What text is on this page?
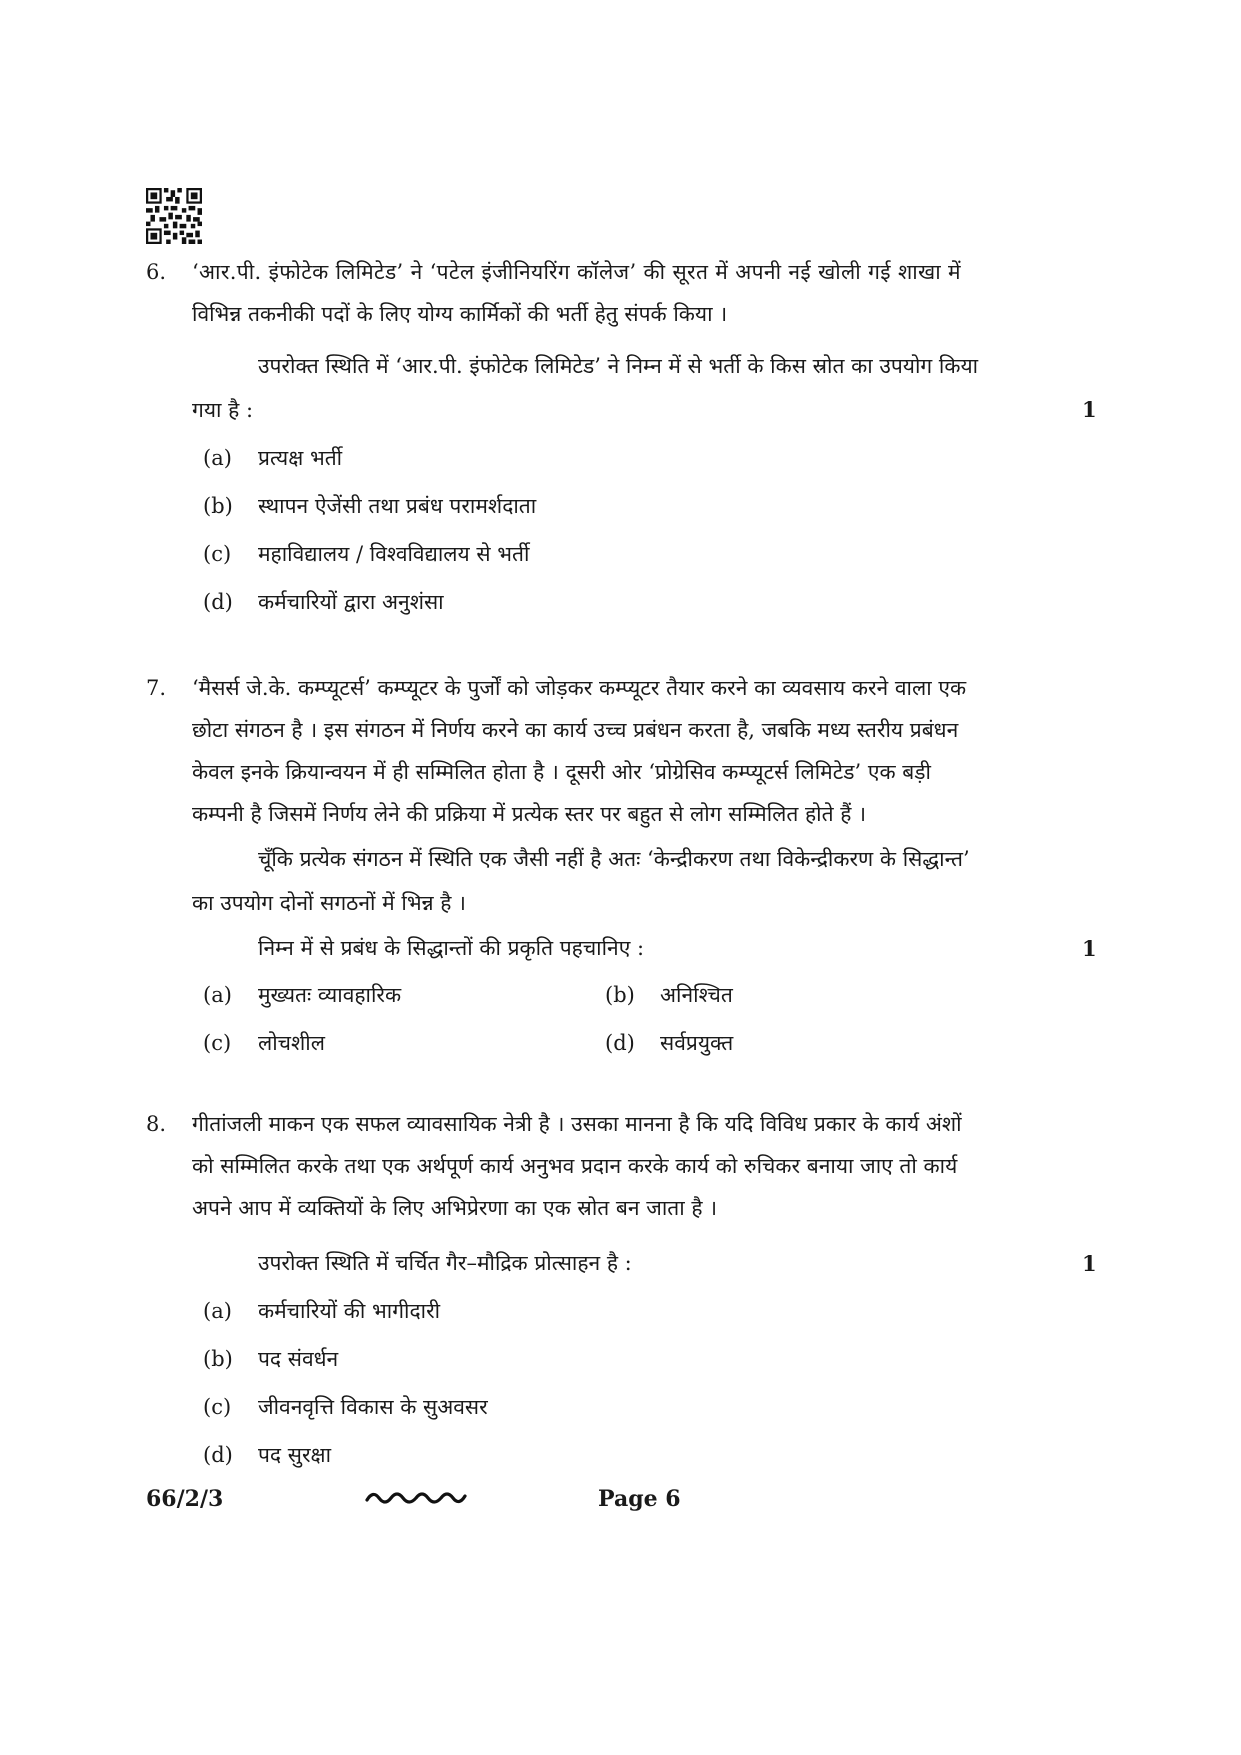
6. ‘आर.पी. इंफोटेक लिमिटेड’ ने ‘पटेल इंजीनियरिंग कॉलेज’ की सूरत में अपनी नई खोली गई शाखा में
विभिन्न तकनीकी पदों के लिए योग्य कार्मिकों की भर्ती हेतु संपर्क किया ।
उपरोक्त स्थिति में ‘आर.पी. इंफोटेक लिमिटेड’ ने निम्न में से भर्ती के किस स्रोत का उपयोग किया
गया है :	1
(a) प्रत्यक्ष भर्ती
(b) स्थापन ऐजेंसी तथा प्रबंध परामर्शदाता
(c) महाविद्यालय / विश्वविद्यालय से भर्ती
(d) कर्मचारियों द्वारा अनुशंसा
7. ‘मैसर्स जे.के. कम्प्यूटर्स’ कम्प्यूटर के पुर्जों को जोड़कर कम्प्यूटर तैयार करने का व्यवसाय करने वाला एक
छोटा संगठन है । इस संगठन में निर्णय करने का कार्य उच्च प्रबंधन करता है, जबकि मध्य स्तरीय प्रबंधन
केवल इनके क्रियान्वयन में ही सम्मिलित होता है । दूसरी ओर ‘प्रोग्रेसिव कम्प्यूटर्स लिमिटेड’ एक बड़ी
कम्पनी है जिसमें निर्णय लेने की प्रक्रिया में प्रत्येक स्तर पर बहुत से लोग सम्मिलित होते हैं ।
चूँकि प्रत्येक संगठन में स्थिति एक जैसी नहीं है अतः ‘केन्द्रीकरण तथा विकेन्द्रीकरण के सिद्धान्त’
का उपयोग दोनों सगठनों में भिन्न है ।
निम्न में से प्रबंध के सिद्धान्तों की प्रकृति पहचानिए :	1
(a) मुख्यतः व्यावहारिक	(b) अनिश्चित
(c) लोचशील	(d) सर्वप्रयुक्त
8. गीतांजली माकन एक सफल व्यावसायिक नेत्री है । उसका मानना है कि यदि विविध प्रकार के कार्य अंशों
को सम्मिलित करके तथा एक अर्थपूर्ण कार्य अनुभव प्रदान करके कार्य को रुचिकर बनाया जाए तो कार्य
अपने आप में व्यक्तियों के लिए अभिप्रेरणा का एक स्रोत बन जाता है ।
उपरोक्त स्थिति में चर्चित गैर–मौद्रिक प्रोत्साहन है :	1
(a) कर्मचारियों की भागीदारी
(b) पद संवर्धन
(c) जीवनवृत्ति विकास के सुअवसर
(d) पद सुरक्षा
66/2/3	Page 6
